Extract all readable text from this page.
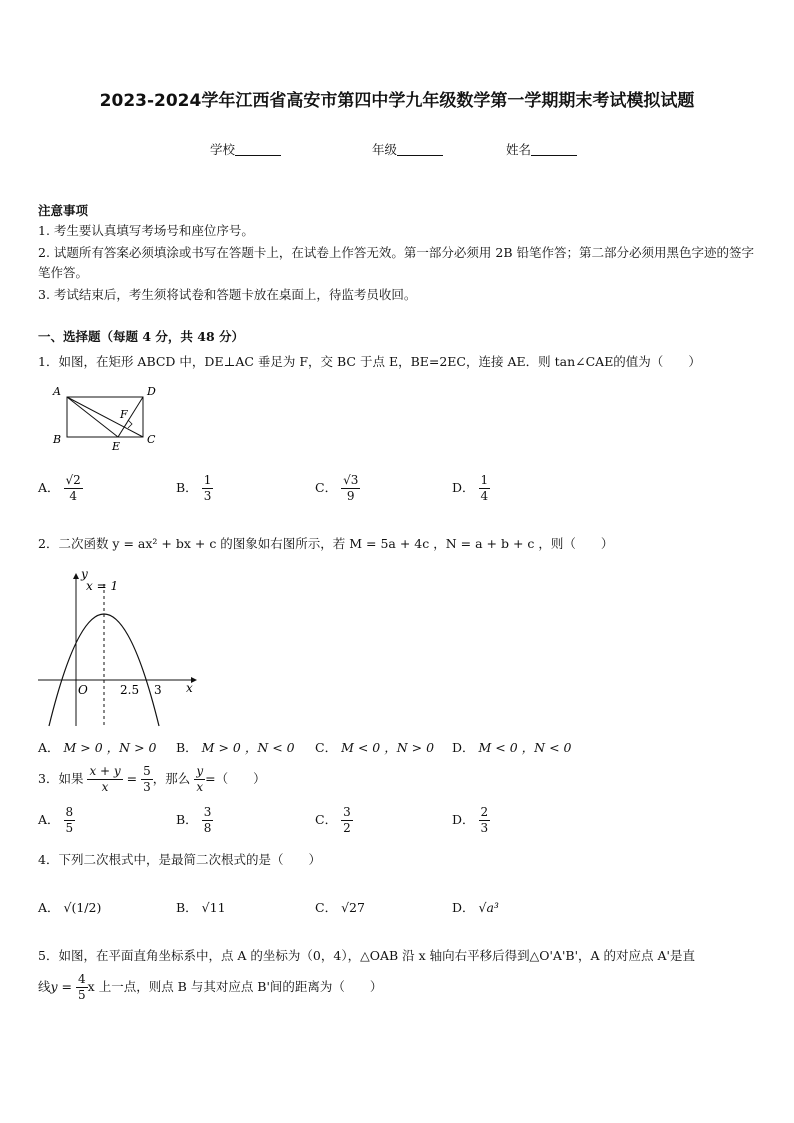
2023-2024学年江西省高安市第四中学九年级数学第一学期期末考试模拟试题
学校	年级	姓名
注意事项
1. 考生要认真填写考场号和座位序号。
2. 试题所有答案必须填涂或书写在答题卡上，在试卷上作答无效。第一部分必须用 2B 铅笔作答；第二部分必须用黑色字迹的签字笔作答。
3. 考试结束后，考生须将试卷和答题卡放在桌面上，待监考员收回。
一、选择题（每题 4 分，共 48 分）
1．如图，在矩形 ABCD 中，DE⊥AC 垂足为 F，交 BC 于点 E，BE=2EC，连接 AE．则 tan∠CAE的值为（　　）
A	D
B	C
E
F
A． $\frac{√2}{4}$	B． $\frac{1}{3}$	C． $\frac{√3}{9}$	D． $\frac{1}{4}$
2．二次函数 y = ax² + bx + c 的图象如右图所示，若 M = 5a + 4c ，N = a + b + c ，则（　　）
y
x = 1
O	2.5 3 x
A． M > 0 ，N > 0 B． M > 0 ，N < 0 C． M < 0 ，N > 0 D． M < 0 ，N < 0
3．如果 $\frac{x + y}{x} = \frac{5}{3}$ ，那么 $\frac{y}{x}$ =（　　）
A． $\frac{8}{5}$	B． $\frac{3}{8}$	C． $\frac{3}{2}$	D． $\frac{2}{3}$
4．下列二次根式中，是最简二次根式的是（　　）
A． √(1/2)	B． √11	C． √27	D． √a³
5．如图，在平面直角坐标系中，点 A 的坐标为（0，4），△OAB 沿 x 轴向右平移后得到△O'A'B'，A 的对应点 A'是直
线$y = \frac{4}{5}$ x 上一点，则点 B 与其对应点 B'间的距离为（　　）
